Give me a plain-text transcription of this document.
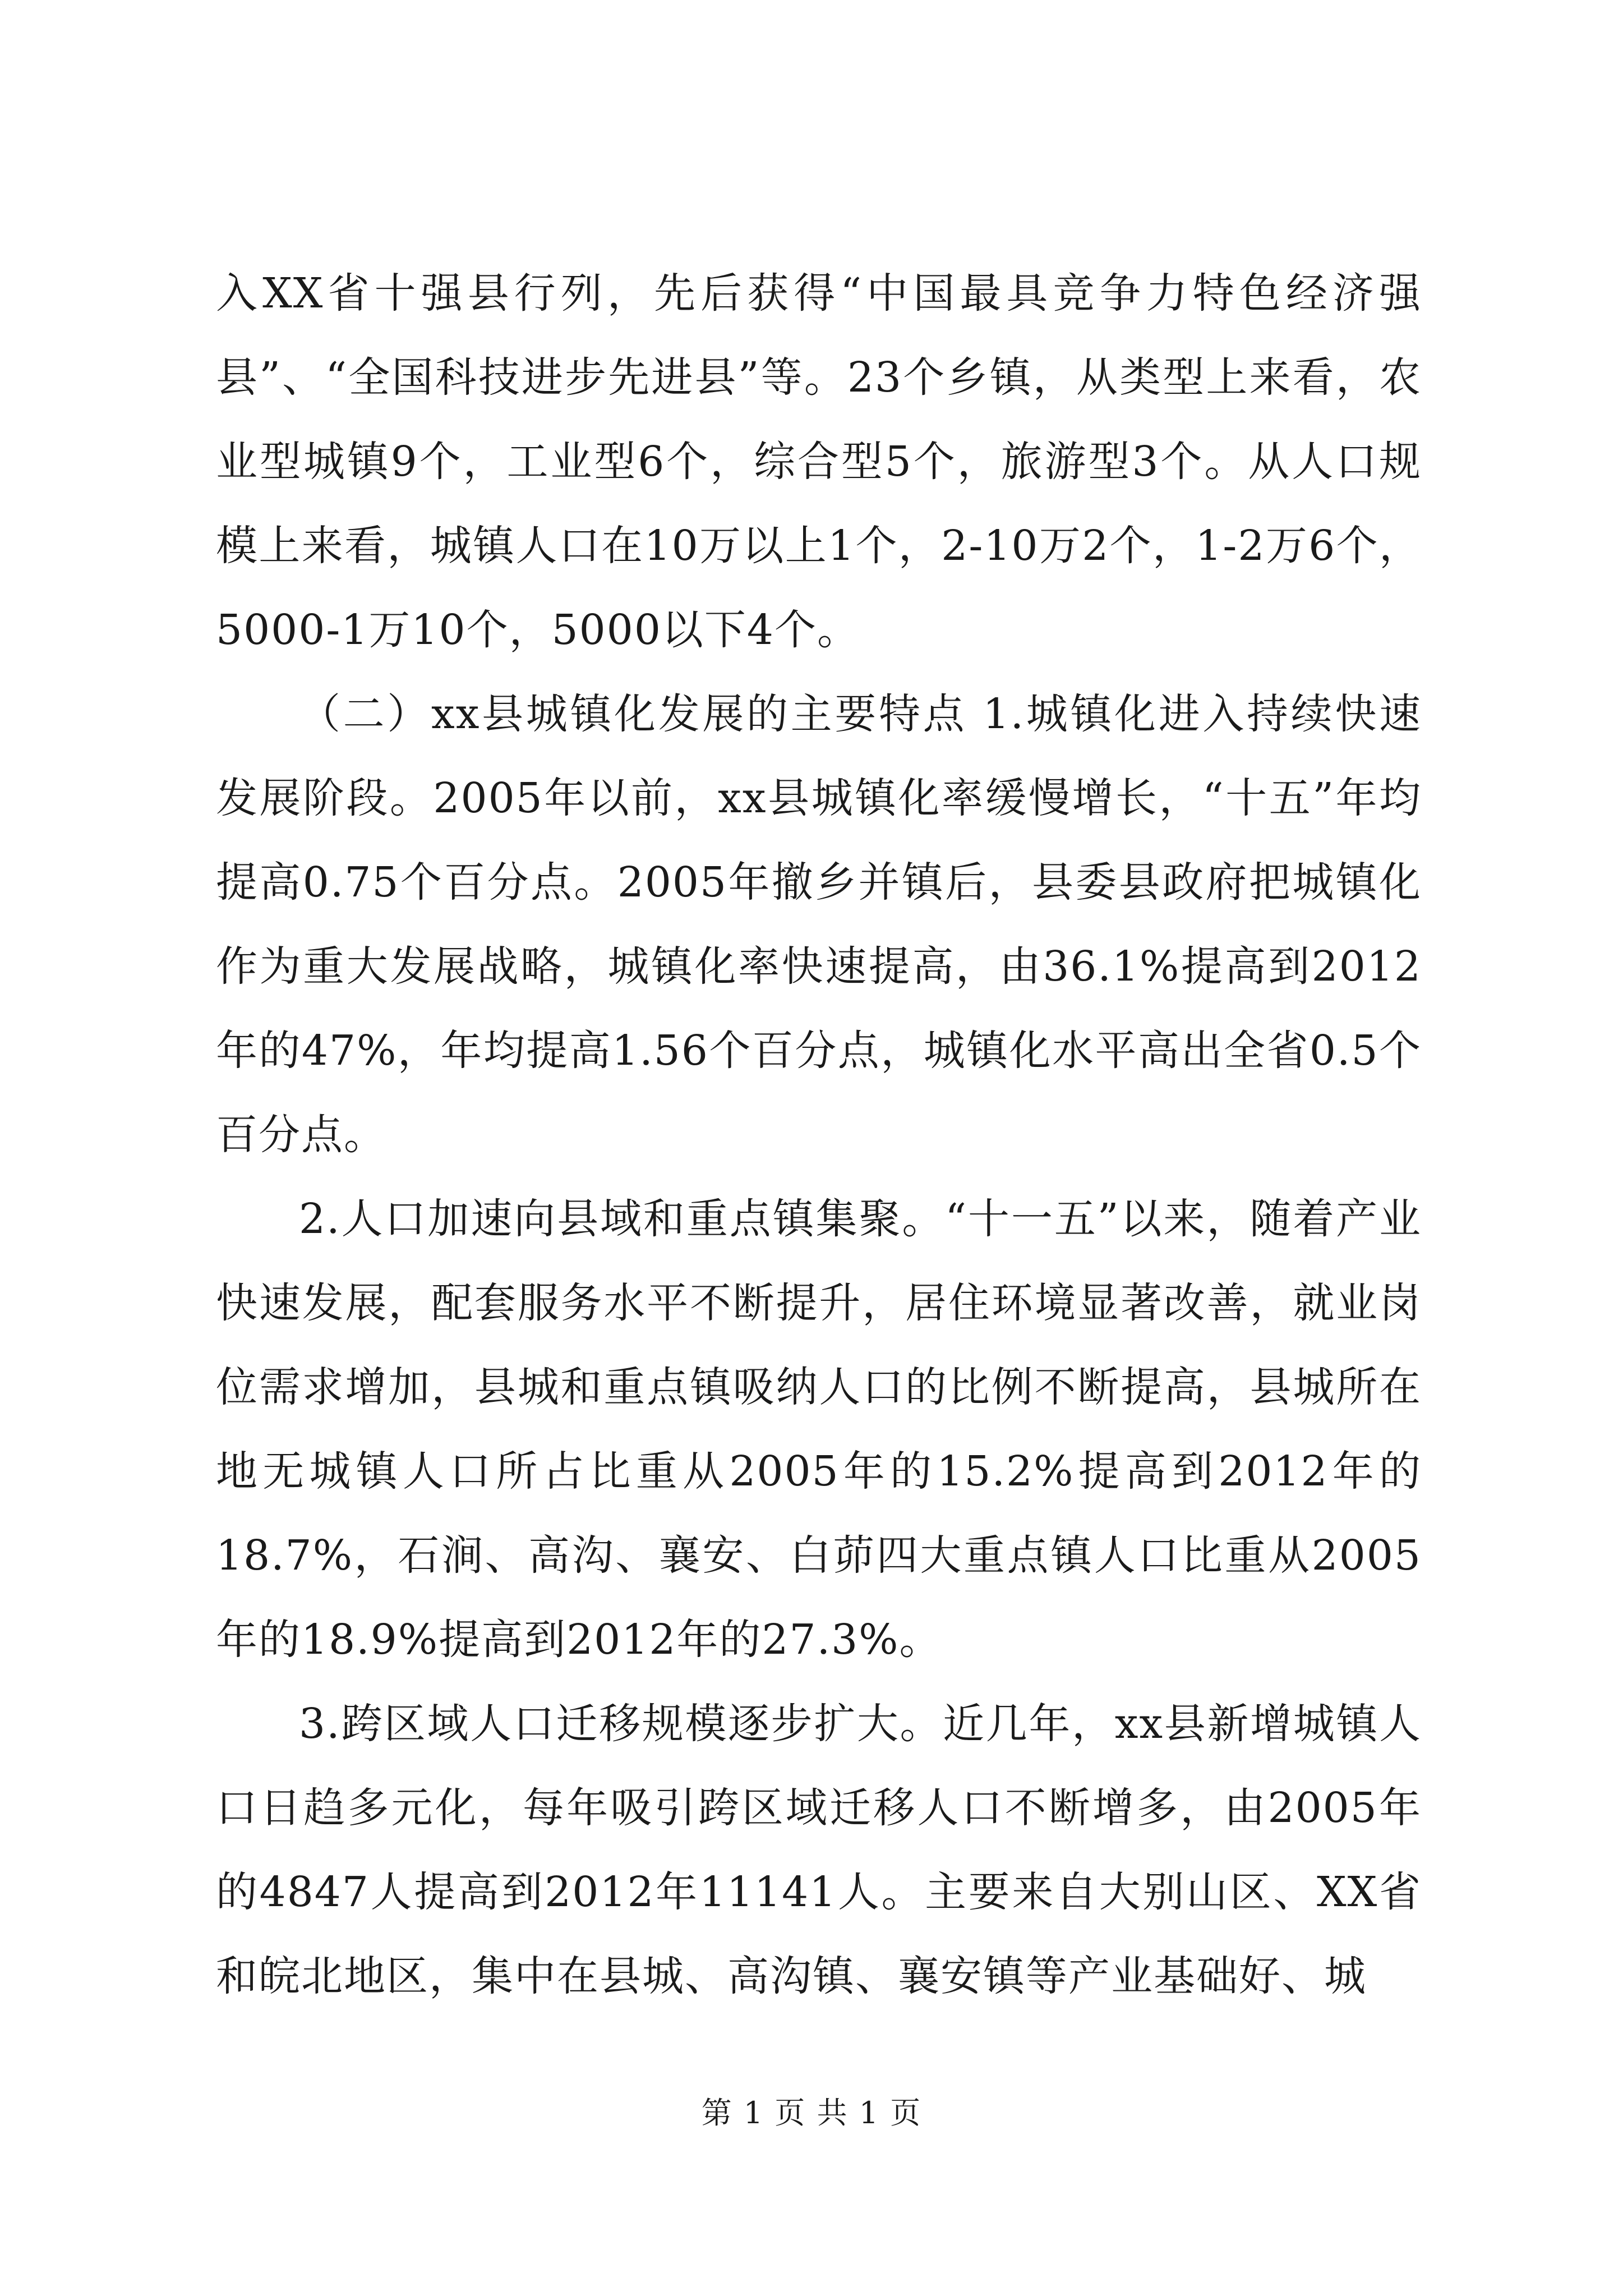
入XX省十强县行列，先后获得“中国最具竞争力特色经济强县”、“全国科技进步先进县”等。23个乡镇，从类型上来看，农业型城镇9个，工业型6个，综合型5个，旅游型3个。从人口规模上来看，城镇人口在10万以上1个，2-10万2个，1-2万6个，5000-1万10个，5000以下4个。

（二）xx县城镇化发展的主要特点 1.城镇化进入持续快速发展阶段。2005年以前，xx县城镇化率缓慢增长，“十五”年均提高0.75个百分点。2005年撤乡并镇后，县委县政府把城镇化作为重大发展战略，城镇化率快速提高，由36.1%提高到2012年的47%，年均提高1.56个百分点，城镇化水平高出全省0.5个百分点。

2.人口加速向县域和重点镇集聚。“十一五”以来，随着产业快速发展，配套服务水平不断提升，居住环境显著改善，就业岗位需求增加，县城和重点镇吸纳人口的比例不断提高，县城所在地无城镇人口所占比重从2005年的15.2%提高到2012年的18.7%，石涧、高沟、襄安、白茆四大重点镇人口比重从2005年的18.9%提高到2012年的27.3%。

3.跨区域人口迁移规模逐步扩大。近几年，xx县新增城镇人口日趋多元化，每年吸引跨区域迁移人口不断增多，由2005年的4847人提高到2012年11141人。主要来自大别山区、XX省和皖北地区，集中在县城、高沟镇、襄安镇等产业基础好、城

第 1 页 共 1 页
